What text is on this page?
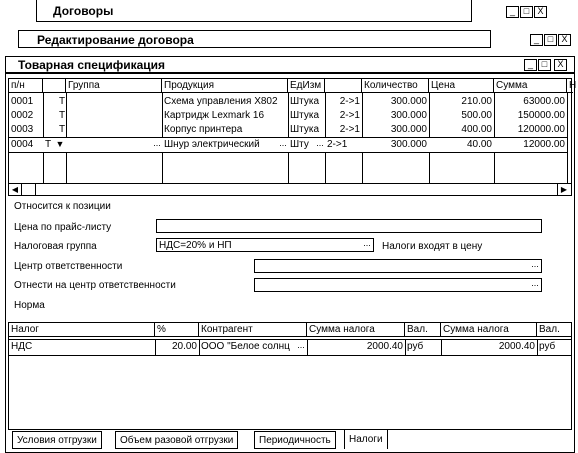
Договоры	_ □ X
Редактирование договора	_ □ X
Товарная спецификация	_ □	X
п/н	Группа	Продукция	ЕдИзм	Количество	Цена	Сумма	Н
0001	Т	Схема управления X802	Штука	2->1	300.000	210.00	63000.00
0002	Т	Картридж Lexmark 16	Штука	2->1	300.000	500.00	150000.00
0003	Т	Корпус принтера	Штука	2->1	300.000	400.00	120000.00
0004	Т ▼	... Шнур электрический	... Шту ... 2->1	300.000	40.00	12000.00
◀	▶
Относится к позиции
Цена по прайс-листу
Налоговая группа	НДС=20% и НП	... Налоги входят в цену
Центр ответственности	...
Отнести на центр ответственности	...
Норма
Налог	%	Контрагент	Сумма налога	Вал.	Сумма налога	Вал.
НДС	20.00 ООО "Белое солнц ...	2000.40 руб	2000.40 руб
Условия отгрузки	Объем разовой отгрузки	Периодичность	Налоги
